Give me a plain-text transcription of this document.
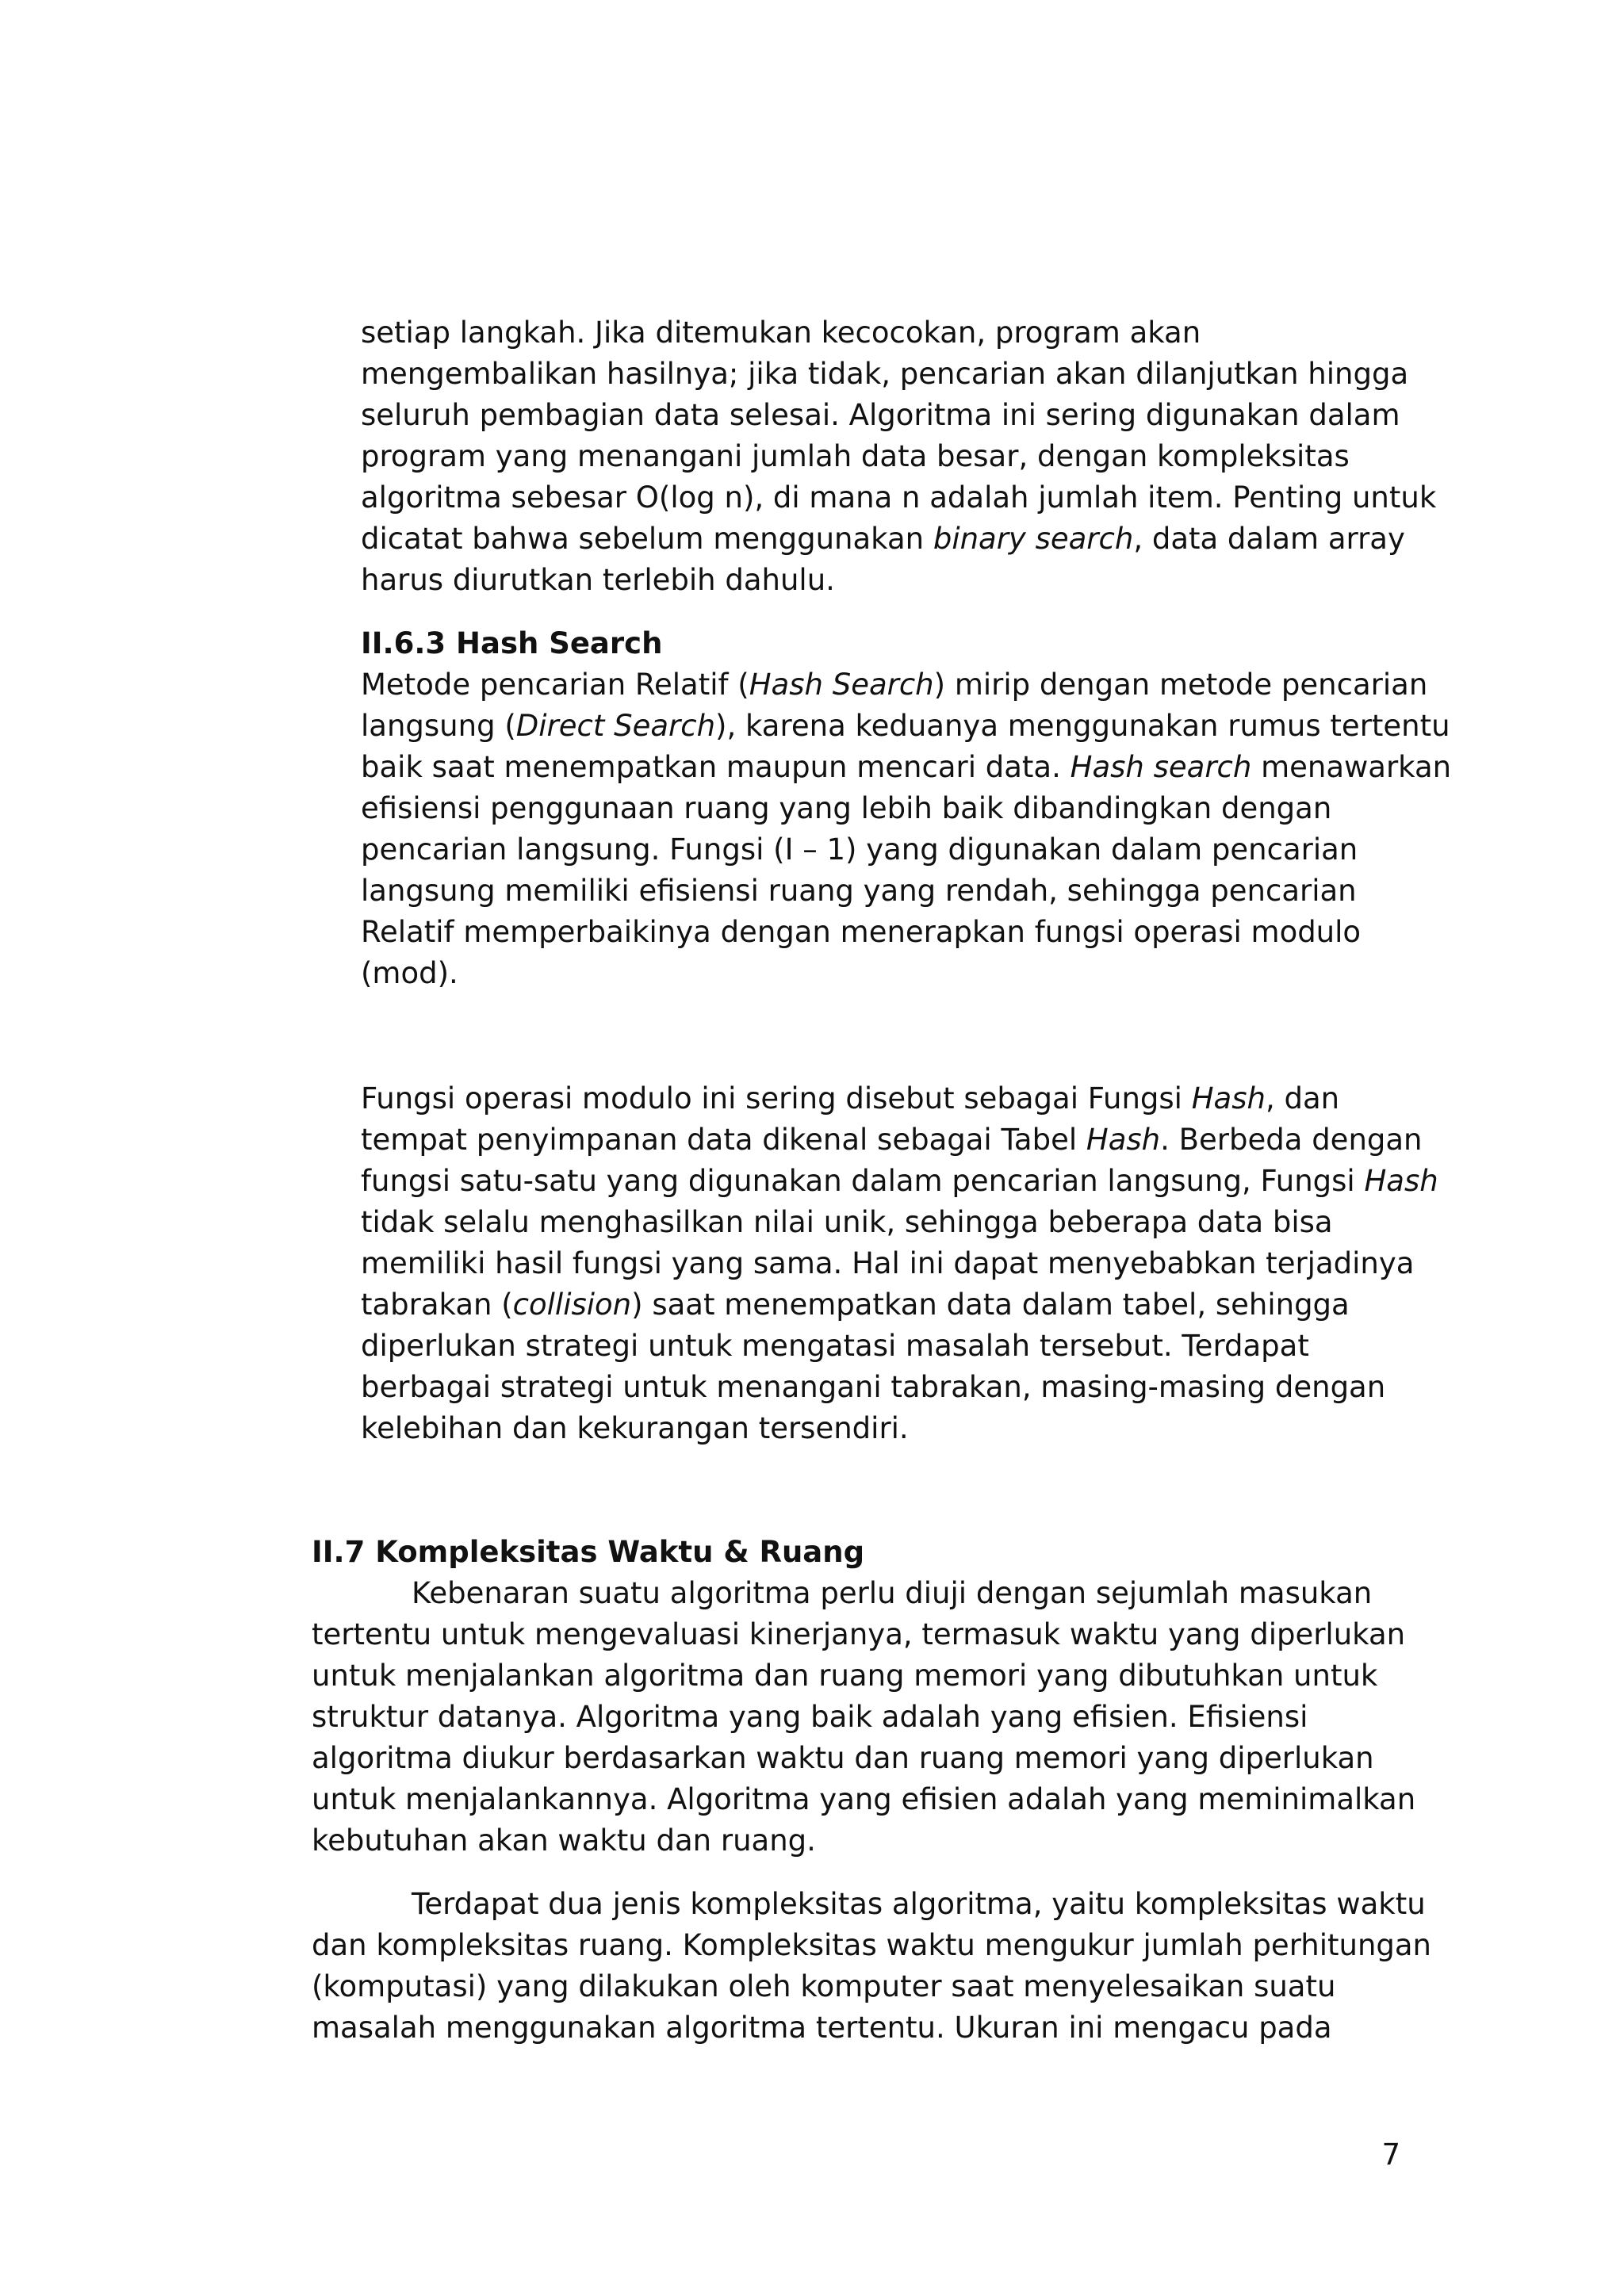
setiap langkah. Jika ditemukan kecocokan, program akan
mengembalikan hasilnya; jika tidak, pencarian akan dilanjutkan hingga
seluruh pembagian data selesai. Algoritma ini sering digunakan dalam
program yang menangani jumlah data besar, dengan kompleksitas
algoritma sebesar O(log n), di mana n adalah jumlah item. Penting untuk
dicatat bahwa sebelum menggunakan binary search, data dalam array
harus diurutkan terlebih dahulu.
II.6.3 Hash Search
Metode pencarian Relatif (Hash Search) mirip dengan metode pencarian
langsung (Direct Search), karena keduanya menggunakan rumus tertentu
baik saat menempatkan maupun mencari data. Hash search menawarkan
efisiensi penggunaan ruang yang lebih baik dibandingkan dengan
pencarian langsung. Fungsi (I – 1) yang digunakan dalam pencarian
langsung memiliki efisiensi ruang yang rendah, sehingga pencarian
Relatif memperbaikinya dengan menerapkan fungsi operasi modulo
(mod).
Fungsi operasi modulo ini sering disebut sebagai Fungsi Hash, dan
tempat penyimpanan data dikenal sebagai Tabel Hash. Berbeda dengan
fungsi satu-satu yang digunakan dalam pencarian langsung, Fungsi Hash
tidak selalu menghasilkan nilai unik, sehingga beberapa data bisa
memiliki hasil fungsi yang sama. Hal ini dapat menyebabkan terjadinya
tabrakan (collision) saat menempatkan data dalam tabel, sehingga
diperlukan strategi untuk mengatasi masalah tersebut. Terdapat
berbagai strategi untuk menangani tabrakan, masing-masing dengan
kelebihan dan kekurangan tersendiri.
II.7 Kompleksitas Waktu & Ruang
Kebenaran suatu algoritma perlu diuji dengan sejumlah masukan
tertentu untuk mengevaluasi kinerjanya, termasuk waktu yang diperlukan
untuk menjalankan algoritma dan ruang memori yang dibutuhkan untuk
struktur datanya. Algoritma yang baik adalah yang efisien. Efisiensi
algoritma diukur berdasarkan waktu dan ruang memori yang diperlukan
untuk menjalankannya. Algoritma yang efisien adalah yang meminimalkan
kebutuhan akan waktu dan ruang.
Terdapat dua jenis kompleksitas algoritma, yaitu kompleksitas waktu
dan kompleksitas ruang. Kompleksitas waktu mengukur jumlah perhitungan
(komputasi) yang dilakukan oleh komputer saat menyelesaikan suatu
masalah menggunakan algoritma tertentu. Ukuran ini mengacu pada
7
